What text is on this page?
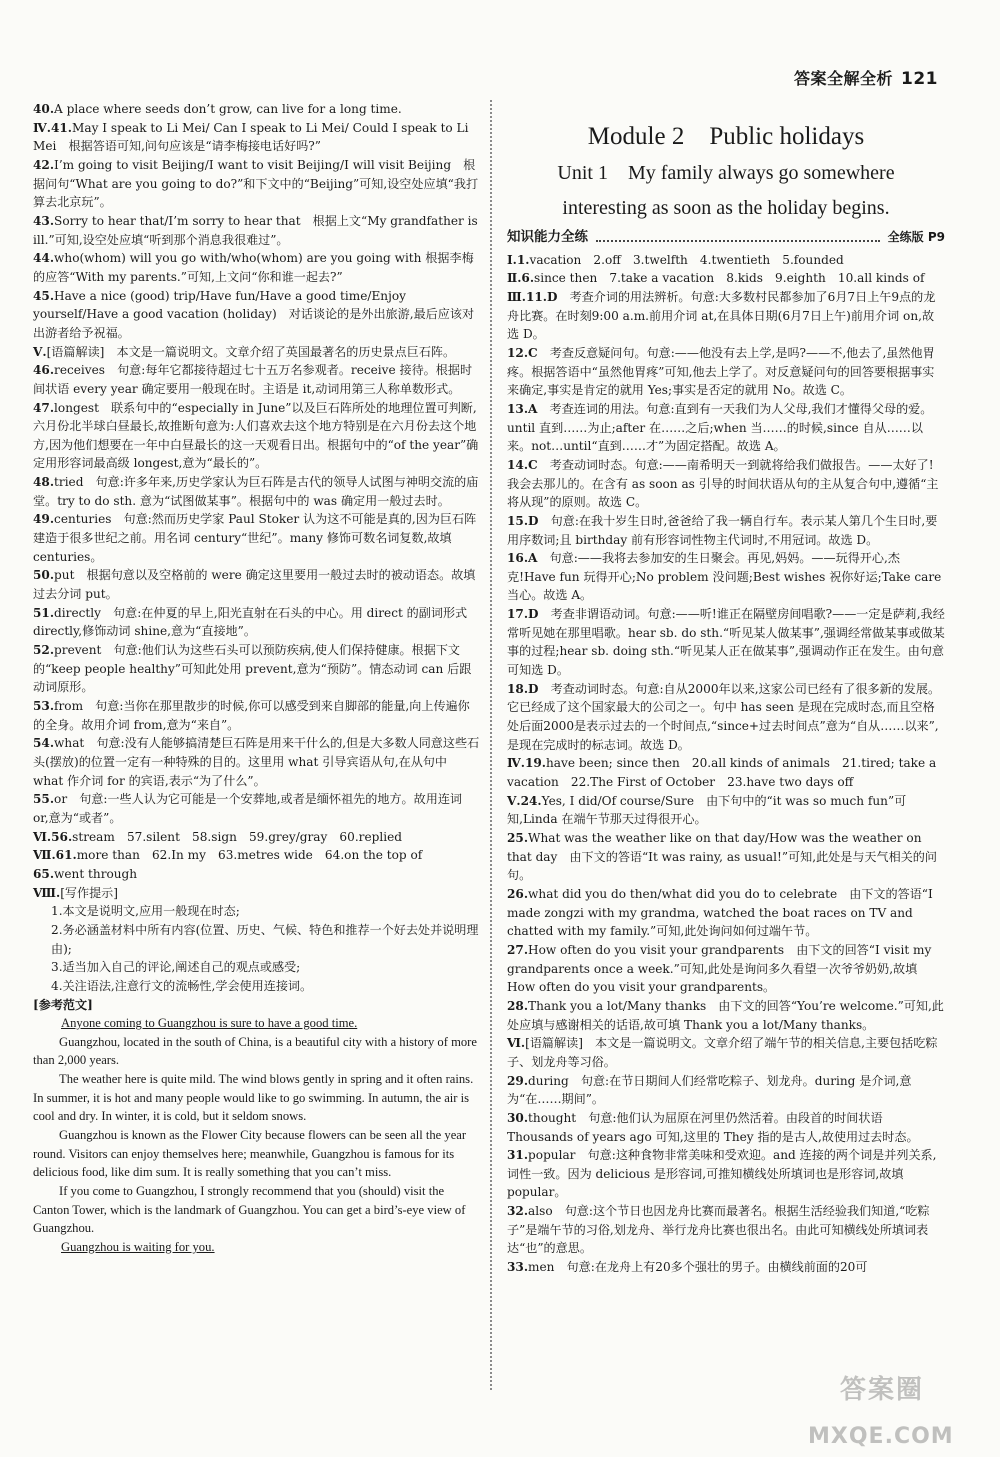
答案全解全析 121

40.A place where seeds don’t grow, can live for a long time.

Ⅳ.41.May I speak to Li Mei/ Can I speak to Li Mei/ Could I speak to Li Mei　根据答语可知,问句应该是“请李梅接电话好吗?”

42.I’m going to visit Beijing/I want to visit Beijing/I will visit Beijing　根据问句“What are you going to do?”和下文中的“Beijing”可知,设空处应填“我打算去北京玩”。

43.Sorry to hear that/I’m sorry to hear that　根据上文“My grandfather is ill.”可知,设空处应填“听到那个消息我很难过”。

44.who(whom) will you go with/who(whom) are you going with 根据李梅的应答“With my parents.”可知,上文问“你和谁一起去?”

45.Have a nice (good) trip/Have fun/Have a good time/Enjoy yourself/Have a good vacation (holiday)　对话谈论的是外出旅游,最后应该对出游者给予祝福。

Ⅴ.[语篇解读]　本文是一篇说明文。文章介绍了英国最著名的历史景点巨石阵。

46.receives　句意:每年它都接待超过七十五万名参观者。receive 接待。根据时间状语 every year 确定要用一般现在时。主语是 it,动词用第三人称单数形式。

47.longest　联系句中的“especially in June”以及巨石阵所处的地理位置可判断,六月份北半球白昼最长,故推断句意为:人们喜欢去这个地方特别是在六月份去这个地方,因为他们想要在一年中白昼最长的这一天观看日出。根据句中的“of the year”确定用形容词最高级 longest,意为“最长的”。

48.tried　句意:许多年来,历史学家认为巨石阵是古代的领导人试图与神明交流的庙堂。try to do sth. 意为“试图做某事”。根据句中的 was 确定用一般过去时。

49.centuries　句意:然而历史学家 Paul Stoker 认为这不可能是真的,因为巨石阵建造于很多世纪之前。用名词 century“世纪”。many 修饰可数名词复数,故填 centuries。

50.put　根据句意以及空格前的 were 确定这里要用一般过去时的被动语态。故填过去分词 put。

51.directly　句意:在仲夏的早上,阳光直射在石头的中心。用 direct 的副词形式 directly,修饰动词 shine,意为“直接地”。

52.prevent　句意:他们认为这些石头可以预防疾病,使人们保持健康。根据下文的“keep people healthy”可知此处用 prevent,意为“预防”。情态动词 can 后跟动词原形。

53.from　句意:当你在那里散步的时候,你可以感受到来自脚部的能量,向上传遍你的全身。故用介词 from,意为“来自”。

54.what　句意:没有人能够搞清楚巨石阵是用来干什么的,但是大多数人同意这些石头(摆放)的位置一定有一种特殊的目的。这里用 what 引导宾语从句,在从句中 what 作介词 for 的宾语,表示“为了什么”。

55.or　句意:一些人认为它可能是一个安葬地,或者是缅怀祖先的地方。故用连词 or,意为“或者”。

Ⅵ.56.stream　57.silent　58.sign　59.grey/gray　60.replied

Ⅶ.61.more than　62.In my　63.metres wide　64.on the top of

65.went through

Ⅷ.[写作提示]

1.本文是说明文,应用一般现在时态;

2.务必涵盖材料中所有内容(位置、历史、气候、特色和推荐一个好去处并说明理由);

3.适当加入自己的评论,阐述自己的观点或感受;

4.关注语法,注意行文的流畅性,学会使用连接词。

[参考范文]

Anyone coming to Guangzhou is sure to have a good time.

Guangzhou, located in the south of China, is a beautiful city with a history of more than 2,000 years.

The weather here is quite mild. The wind blows gently in spring and it often rains. In summer, it is hot and many people would like to go swimming. In autumn, the air is cool and dry. In winter, it is cold, but it seldom snows.

Guangzhou is known as the Flower City because flowers can be seen all the year round. Visitors can enjoy themselves here; meanwhile, Guangzhou is famous for its delicious food, like dim sum. It is really something that you can’t miss.

If you come to Guangzhou, I strongly recommend that you (should) visit the Canton Tower, which is the landmark of Guangzhou. You can get a bird’s-eye view of Guangzhou.

Guangzhou is waiting for you.

Module 2　Public holidays
Unit 1　My family always go somewhere
interesting as soon as the holiday begins.
知识能力全练	全练版 P9

Ⅰ.1.vacation　2.off　3.twelfth　4.twentieth　5.founded

Ⅱ.6.since then　7.take a vacation　8.kids　9.eighth　10.all kinds of

Ⅲ.11.D　考查介词的用法辨析。句意:大多数村民都参加了6月7日上午9点的龙舟比赛。在时刻9:00 a.m.前用介词 at,在具体日期(6月7日上午)前用介词 on,故选 D。

12.C　考查反意疑问句。句意:——他没有去上学,是吗?——不,他去了,虽然他胃疼。根据答语中“虽然他胃疼”可知,他去上学了。对反意疑问句的回答要根据事实来确定,事实是肯定的就用 Yes;事实是否定的就用 No。故选 C。

13.A　考查连词的用法。句意:直到有一天我们为人父母,我们才懂得父母的爱。until 直到……为止;after 在……之后;when 当……的时候,since 自从……以来。not…until“直到……才”为固定搭配。故选 A。

14.C　考查动词时态。句意:——南希明天一到就将给我们做报告。——太好了!我会去那儿的。在含有 as soon as 引导的时间状语从句的主从复合句中,遵循“主将从现”的原则。故选 C。

15.D　句意:在我十岁生日时,爸爸给了我一辆自行车。表示某人第几个生日时,要用序数词;且 birthday 前有形容词性物主代词时,不用冠词。故选 D。

16.A　句意:——我将去参加安的生日聚会。再见,妈妈。——玩得开心,杰克!Have fun 玩得开心;No problem 没问题;Best wishes 祝你好运;Take care 当心。故选 A。

17.D　考查非谓语动词。句意:——听!谁正在隔壁房间唱歌?——一定是萨莉,我经常听见她在那里唱歌。hear sb. do sth.“听见某人做某事”,强调经常做某事或做某事的过程;hear sb. doing sth.“听见某人正在做某事”,强调动作正在发生。由句意可知选 D。

18.D　考查动词时态。句意:自从2000年以来,这家公司已经有了很多新的发展。它已经成了这个国家最大的公司之一。句中 has seen 是现在完成时态,而且空格处后面2000是表示过去的一个时间点,“since+过去时间点”意为“自从……以来”,是现在完成时的标志词。故选 D。

Ⅳ.19.have been; since then　20.all kinds of animals　21.tired; take a vacation　22.The First of October　23.have two days off

Ⅴ.24.Yes, I did/Of course/Sure　由下句中的“it was so much fun”可知,Linda 在端午节那天过得很开心。

25.What was the weather like on that day/How was the weather on that day　由下文的答语“It was rainy, as usual!”可知,此处是与天气相关的问句。

26.what did you do then/what did you do to celebrate　由下文的答语“I made zongzi with my grandma, watched the boat races on TV and chatted with my family.”可知,此处询问如何过端午节。

27.How often do you visit your grandparents　由下文的回答“I visit my grandparents once a week.”可知,此处是询问多久看望一次爷爷奶奶,故填 How often do you visit your grandparents。

28.Thank you a lot/Many thanks　由下文的回答“You’re welcome.”可知,此处应填与感谢相关的话语,故可填 Thank you a lot/Many thanks。

Ⅵ.[语篇解读]　本文是一篇说明文。文章介绍了端午节的相关信息,主要包括吃粽子、划龙舟等习俗。

29.during　句意:在节日期间人们经常吃粽子、划龙舟。during 是介词,意为“在……期间”。

30.thought　句意:他们认为屈原在河里仍然活着。由段首的时间状语 Thousands of years ago 可知,这里的 They 指的是古人,故使用过去时态。

31.popular　句意:这种食物非常美味和受欢迎。and 连接的两个词是并列关系,词性一致。因为 delicious 是形容词,可推知横线处所填词也是形容词,故填 popular。

32.also　句意:这个节日也因龙舟比赛而最著名。根据生活经验我们知道,“吃粽子”是端午节的习俗,划龙舟、举行龙舟比赛也很出名。由此可知横线处所填词表达“也”的意思。

33.men　句意:在龙舟上有20多个强壮的男子。由横线前面的20可

答案圈
MXQE.COM
